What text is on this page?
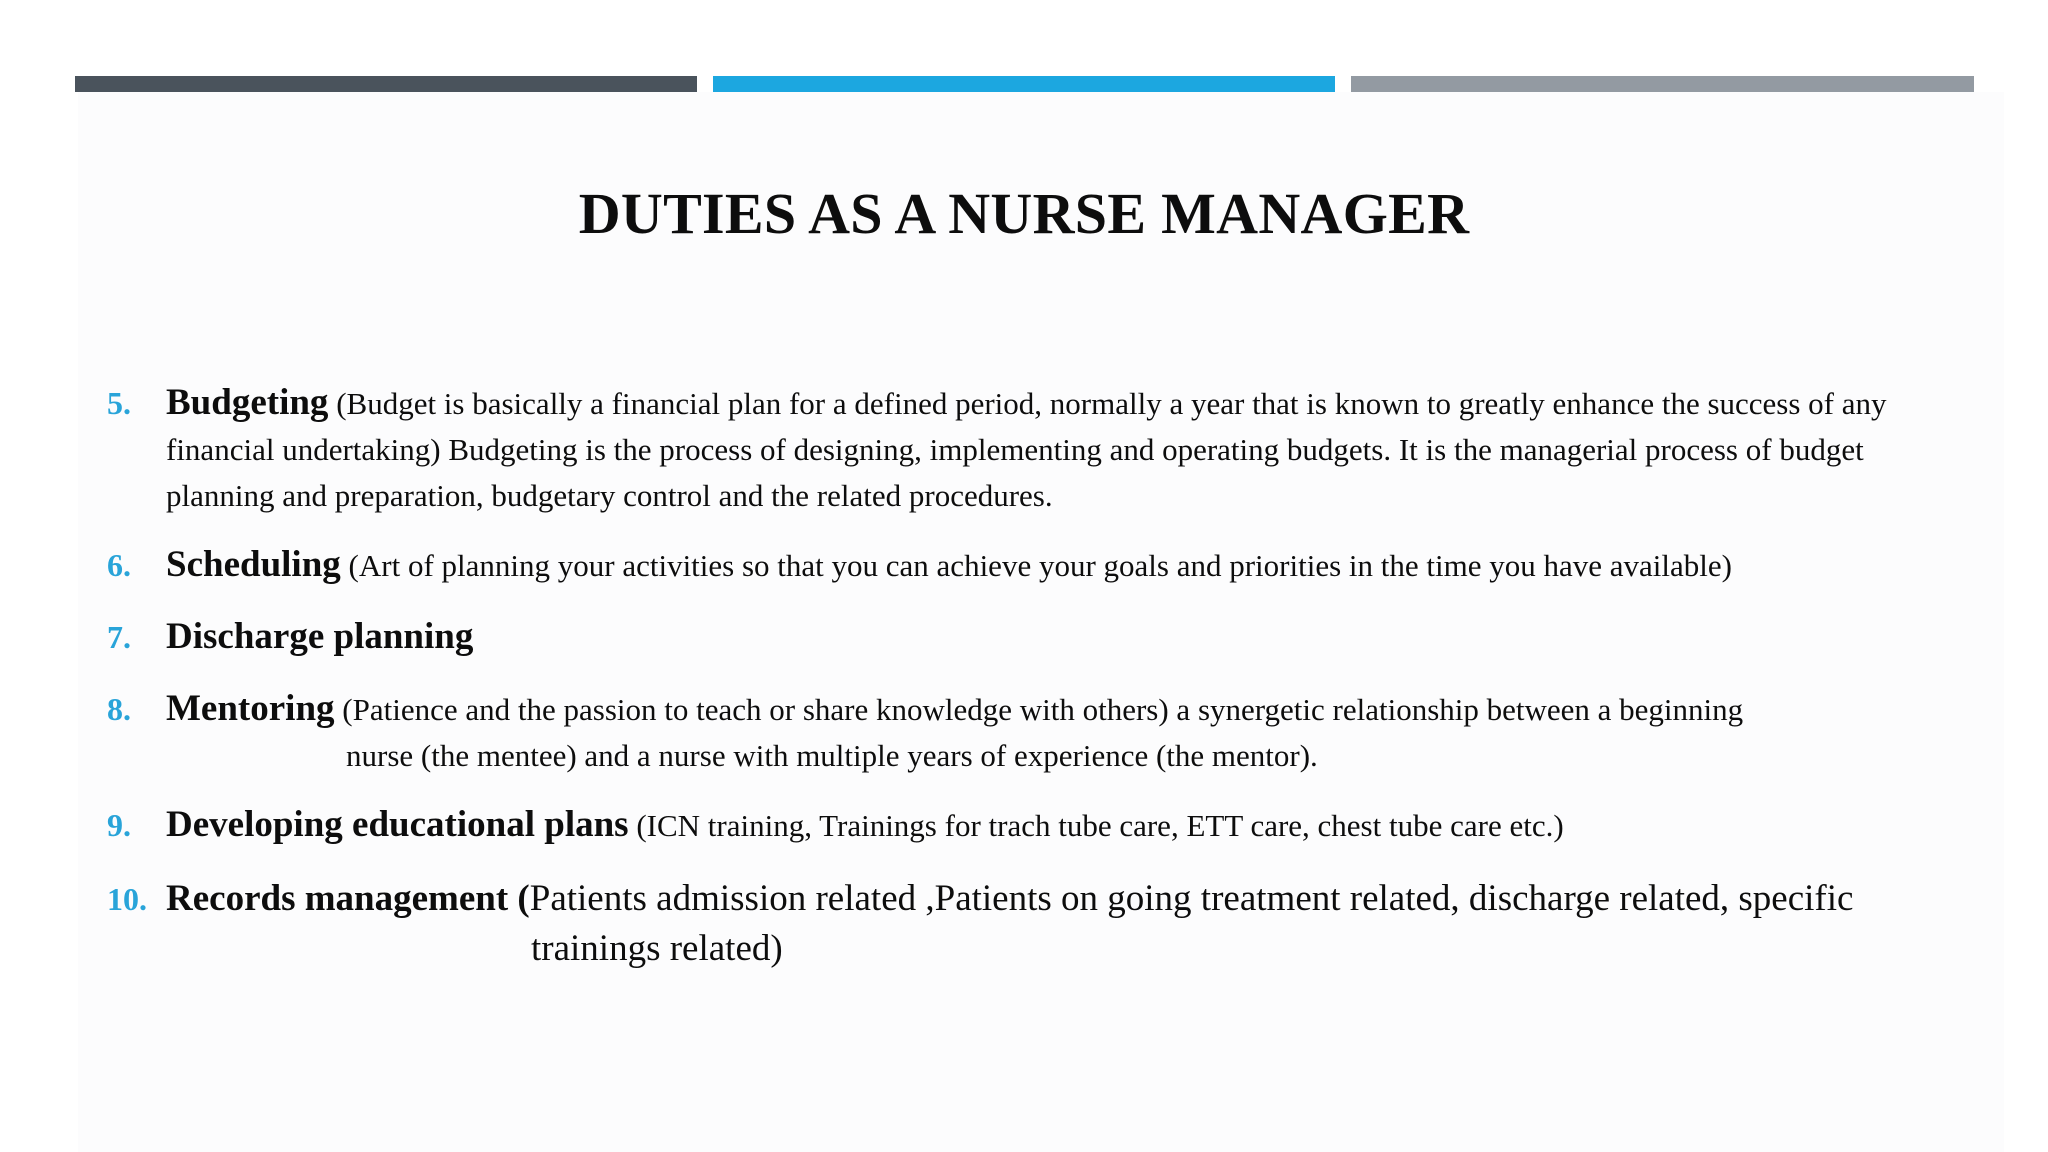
DUTIES AS A NURSE MANAGER
5. Budgeting (Budget is basically a financial plan for a defined period, normally a year that is known to greatly enhance the success of any financial undertaking) Budgeting is the process of designing, implementing and operating budgets. It is the managerial process of budget planning and preparation, budgetary control and the related procedures.
6. Scheduling (Art of planning your activities so that you can achieve your goals and priorities in the time you have available)
7. Discharge planning
8. Mentoring (Patience and the passion to teach or share knowledge with others) a synergetic relationship between a beginning
nurse (the mentee) and a nurse with multiple years of experience (the mentor).
9. Developing educational plans (ICN training, Trainings for trach tube care, ETT care, chest tube care etc.)
10. Records management (Patients admission related ,Patients on going treatment related, discharge related, specific
trainings related)
